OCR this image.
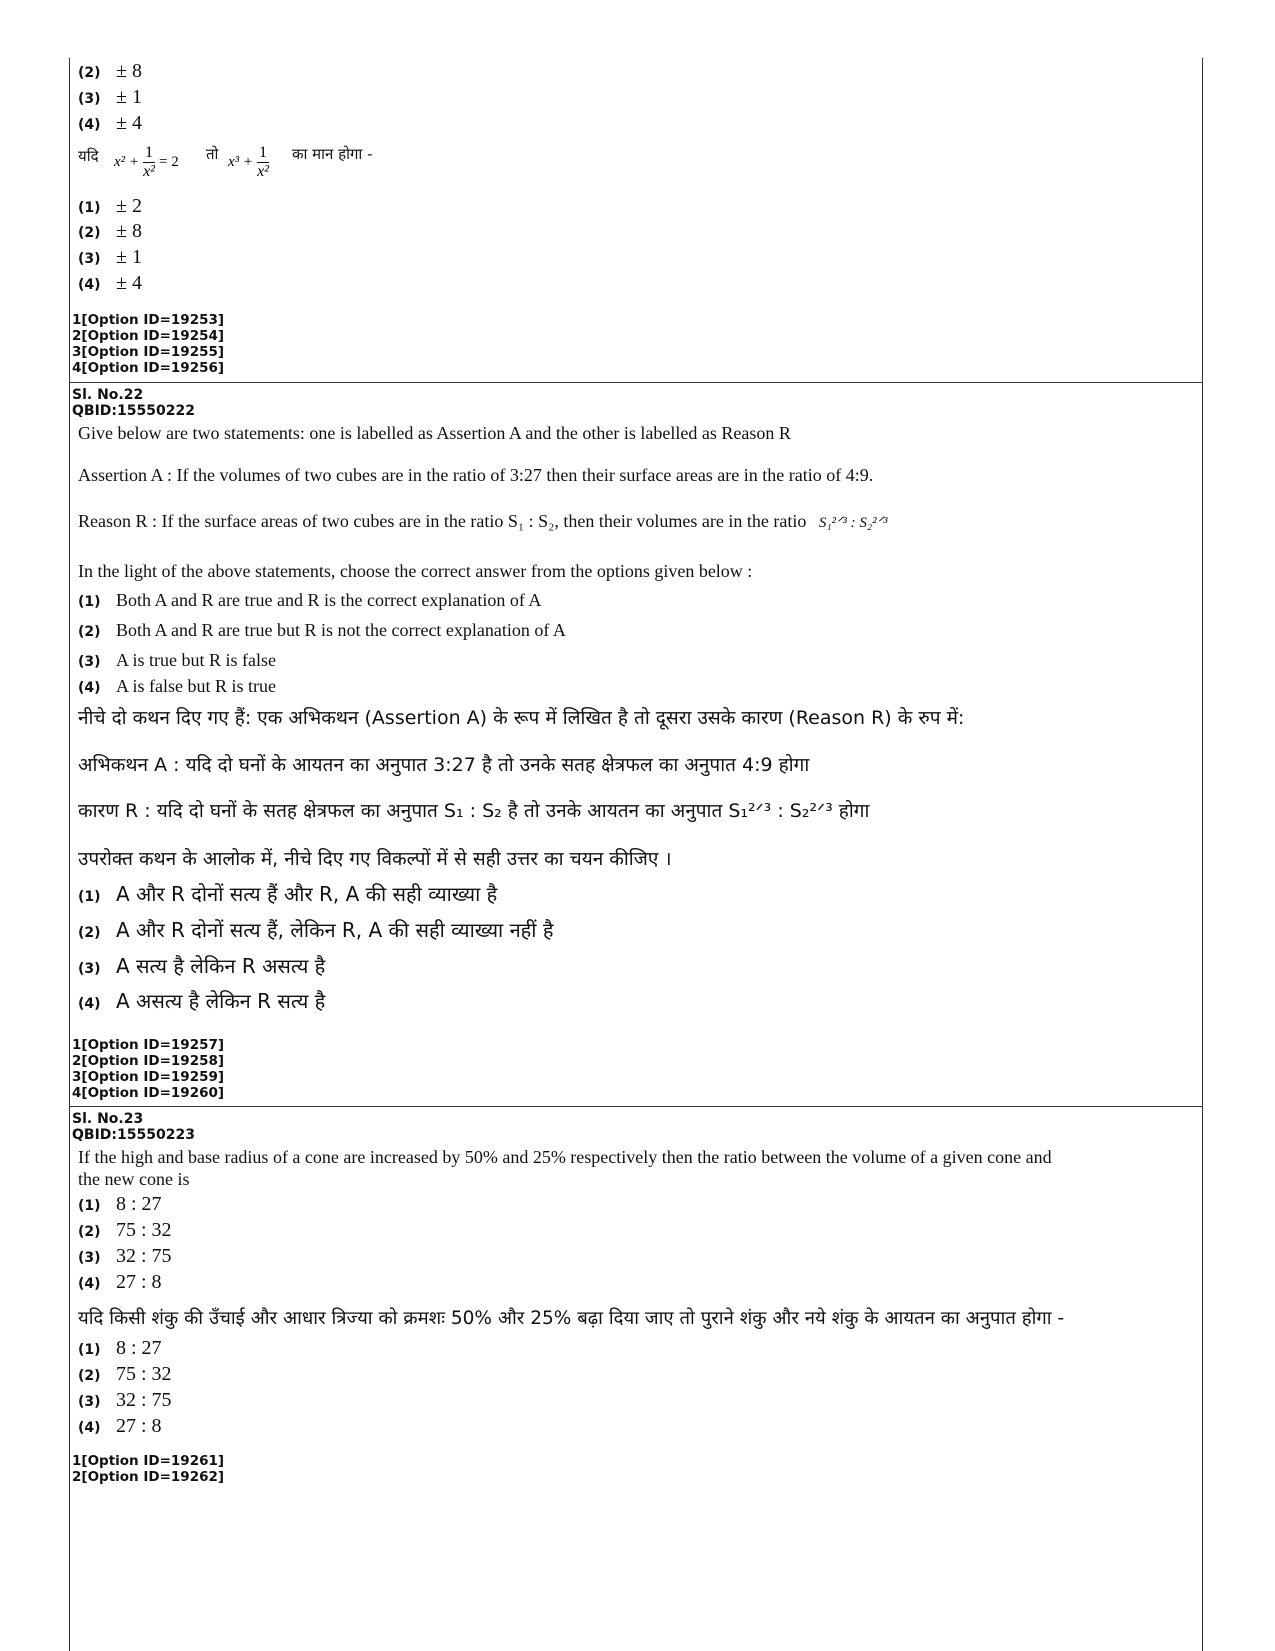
(2) ± 8
(3) ± 1
(4) ± 4
यदि $x^2 + \frac{1}{\text{x²}} = 2$ तो $x^3 + \frac{1}{\text{x²}}$ का मान होगा -
(1) ± 2
(2) ± 8
(3) ± 1
(4) ± 4
1[Option ID=19253]
2[Option ID=19254]
3[Option ID=19255]
4[Option ID=19256]
Sl. No.22
QBID:15550222
Give below are two statements: one is labelled as Assertion A and the other is labelled as Reason R
Assertion A : If the volumes of two cubes are in the ratio of 3:27 then their surface areas are in the ratio of 4:9.
Reason R : If the surface areas of two cubes are in the ratio S₁ : S₂, then their volumes are in the ratio S₁²ᐟ³ : S₂²ᐟ³
In the light of the above statements, choose the correct answer from the options given below :
(1) Both A and R are true and R is the correct explanation of A
(2) Both A and R are true but R is not the correct explanation of A
(3) A is true but R is false
(4) A is false but R is true
नीचे दो कथन दिए गए हैं: एक अभिकथन (Assertion A) के रूप में लिखित है तो दूसरा उसके कारण (Reason R) के रुप में:
अभिकथन A : यदि दो घनों के आयतन का अनुपात 3:27 है तो उनके सतह क्षेत्रफल का अनुपात 4:9 होगा
कारण R : यदि दो घनों के सतह क्षेत्रफल का अनुपात S₁ : S₂ है तो उनके आयतन का अनुपात S₁²ᐟ³ : S₂²ᐟ³ होगा
उपरोक्त कथन के आलोक में, नीचे दिए गए विकल्पों में से सही उत्तर का चयन कीजिए ।
(1) A और R दोनों सत्य हैं और R, A की सही व्याख्या है
(2) A और R दोनों सत्य हैं, लेकिन R, A की सही व्याख्या नहीं है
(3) A सत्य है लेकिन R असत्य है
(4) A असत्य है लेकिन R सत्य है
1[Option ID=19257]
2[Option ID=19258]
3[Option ID=19259]
4[Option ID=19260]
Sl. No.23
QBID:15550223
If the high and base radius of a cone are increased by 50% and 25% respectively then the ratio between the volume of a given cone and
the new cone is
(1) 8 : 27
(2) 75 : 32
(3) 32 : 75
(4) 27 : 8
यदि किसी शंकु की उँचाई और आधार त्रिज्या को क्रमशः 50% और 25% बढ़ा दिया जाए तो पुराने शंकु और नये शंकु के आयतन का अनुपात होगा -
(1) 8 : 27
(2) 75 : 32
(3) 32 : 75
(4) 27 : 8
1[Option ID=19261]
2[Option ID=19262]
